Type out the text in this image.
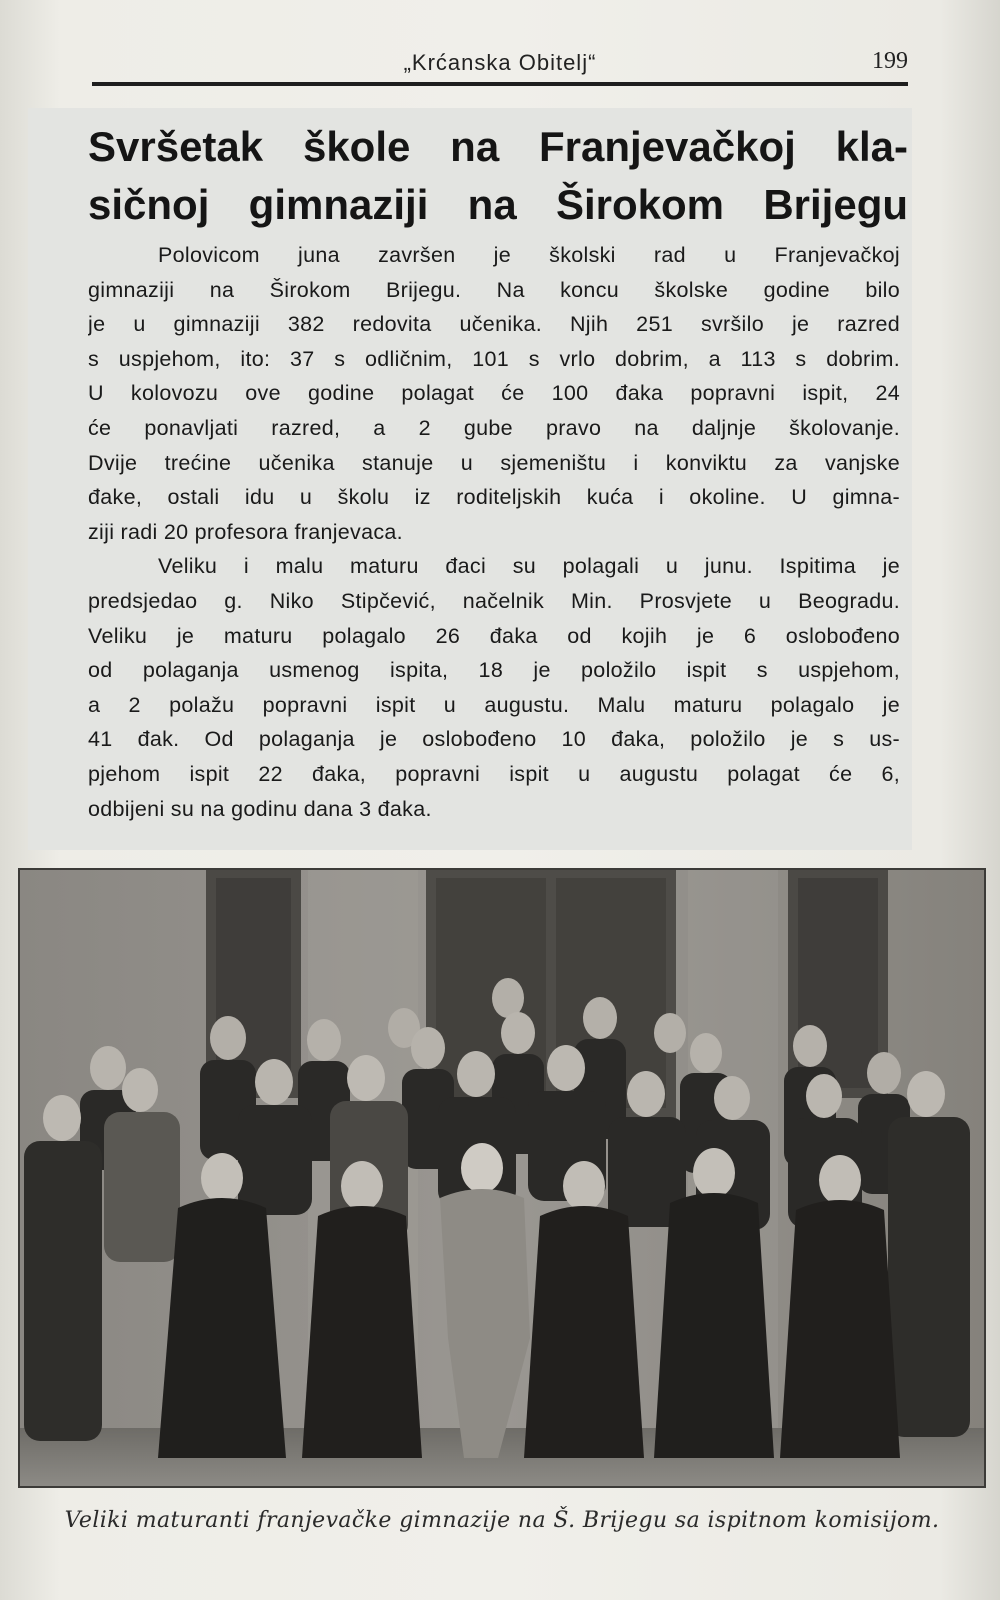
„Krćanska Obitelj“	199
Svršetak škole na Franjevačkoj kla-
sičnoj gimnaziji na Širokom Brijegu
Polovicom juna završen je školski rad u Franjevačkoj
gimnaziji na Širokom Brijegu. Na koncu školske godine bilo
je u gimnaziji 382 redovita učenika. Njih 251 svršilo je razred
s uspjehom, ito: 37 s odličnim, 101 s vrlo dobrim, a 113 s dobrim.
U kolovozu ove godine polagat će 100 đaka popravni ispit, 24
će ponavljati razred, a 2 gube pravo na daljnje školovanje.
Dvije trećine učenika stanuje u sjemeništu i konviktu za vanjske
đake, ostali idu u školu iz roditeljskih kuća i okoline. U gimna-
ziji radi 20 profesora franjevaca.
Veliku i malu maturu đaci su polagali u junu. Ispitima je
predsjedao g. Niko Stipčević, načelnik Min. Prosvjete u Beogradu.
Veliku je maturu polagalo 26 đaka od kojih je 6 oslobođeno
od polaganja usmenog ispita, 18 je položilo ispit s uspjehom,
a 2 polažu popravni ispit u augustu. Malu maturu polagalo je
41 đak. Od polaganja je oslobođeno 10 đaka, položilo je s us-
pjehom ispit 22 đaka, popravni ispit u augustu polagat će 6,
odbijeni su na godinu dana 3 đaka.
Veliki maturanti franjevačke gimnazije na Š. Brijegu sa ispitnom komisijom.
